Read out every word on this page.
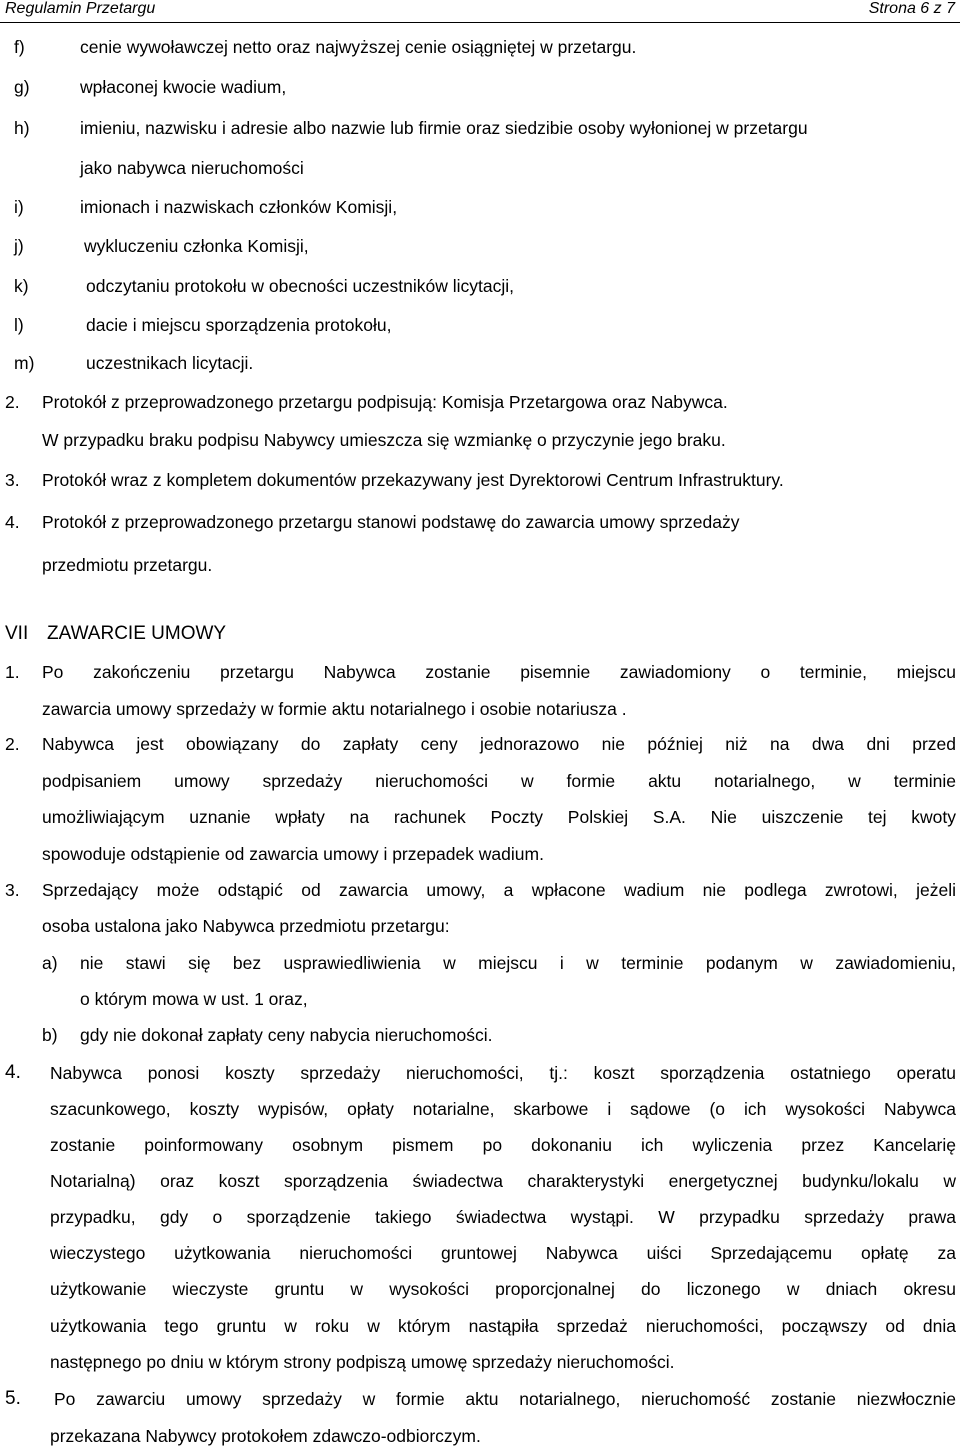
Regulamin Przetargu	Strona 6 z 7
f)	cenie wywoławczej netto oraz najwyższej cenie osiągniętej w przetargu.
g)	wpłaconej kwocie wadium,
h)	imieniu, nazwisku i adresie albo nazwie lub firmie oraz siedzibie osoby wyłonionej w przetargu
jako nabywca nieruchomości
i)	imionach i nazwiskach członków Komisji,
j)	wykluczeniu członka Komisji,
k)	odczytaniu protokołu w obecności uczestników licytacji,
l)	dacie i miejscu sporządzenia protokołu,
m)	uczestnikach licytacji.
2. Protokół z przeprowadzonego przetargu podpisują: Komisja Przetargowa oraz Nabywca.
W przypadku braku podpisu Nabywcy umieszcza się wzmiankę o przyczynie jego braku.
3. Protokół wraz z kompletem dokumentów przekazywany jest Dyrektorowi Centrum Infrastruktury.
4. Protokół z przeprowadzonego przetargu stanowi podstawę do zawarcia umowy sprzedaży
przedmiotu przetargu.
VII ZAWARCIE UMOWY
1. Po zakończeniu przetargu Nabywca zostanie pisemnie zawiadomiony o terminie, miejscu
zawarcia umowy sprzedaży w formie aktu notarialnego i osobie notariusza .
2. Nabywca jest obowiązany do zapłaty ceny jednorazowo nie później niż na dwa dni przed
podpisaniem umowy sprzedaży nieruchomości w formie aktu notarialnego, w terminie
umożliwiającym uznanie wpłaty na rachunek Poczty Polskiej S.A. Nie uiszczenie tej kwoty
spowoduje odstąpienie od zawarcia umowy i przepadek wadium.
3. Sprzedający może odstąpić od zawarcia umowy, a wpłacone wadium nie podlega zwrotowi, jeżeli
osoba ustalona jako Nabywca przedmiotu przetargu:
a) nie stawi się bez usprawiedliwienia w miejscu i w terminie podanym w zawiadomieniu,
o którym mowa w ust. 1 oraz,
b) gdy nie dokonał zapłaty ceny nabycia nieruchomości.
4. Nabywca ponosi koszty sprzedaży nieruchomości, tj.: koszt sporządzenia ostatniego operatu
szacunkowego, koszty wypisów, opłaty notarialne, skarbowe i sądowe (o ich wysokości Nabywca
zostanie poinformowany osobnym pismem po dokonaniu ich wyliczenia przez Kancelarię
Notarialną) oraz koszt sporządzenia świadectwa charakterystyki energetycznej budynku/lokalu w
przypadku, gdy o sporządzenie takiego świadectwa wystąpi. W przypadku sprzedaży prawa
wieczystego użytkowania nieruchomości gruntowej Nabywca uiści Sprzedającemu opłatę za
użytkowanie wieczyste gruntu w wysokości proporcjonalnej do liczonego w dniach okresu
użytkowania tego gruntu w roku w którym nastąpiła sprzedaż nieruchomości, począwszy od dnia
następnego po dniu w którym strony podpiszą umowę sprzedaży nieruchomości.
5. Po zawarciu umowy sprzedaży w formie aktu notarialnego, nieruchomość zostanie niezwłocznie
przekazana Nabywcy protokołem zdawczo-odbiorczym.
